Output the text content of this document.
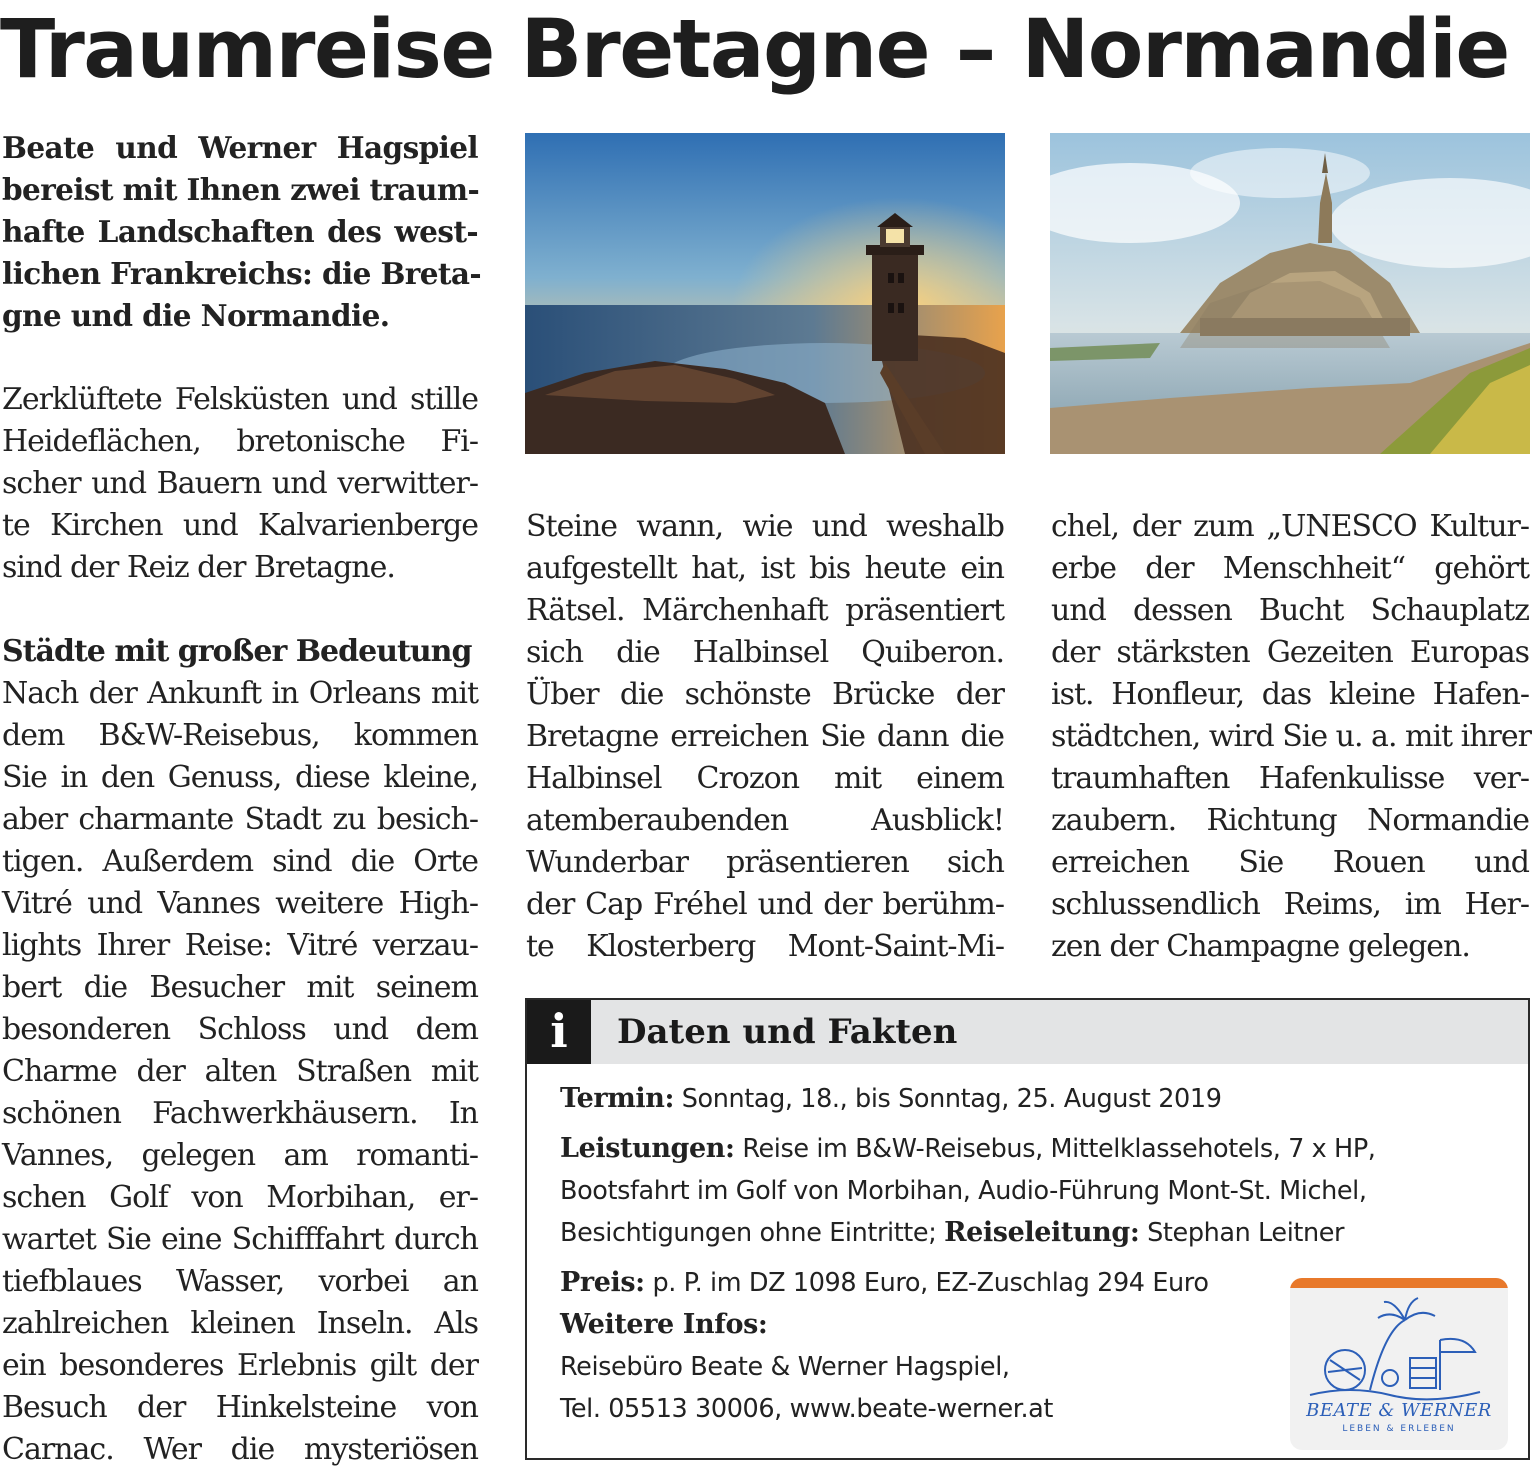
Traumreise Bretagne – Normandie
Beate und Werner Hagspiel
bereist mit Ihnen zwei traum-
hafte Landschaften des west-
lichen Frankreichs: die Breta-
gne und die Normandie.
Zerklüftete Felsküsten und stille
Heideflächen, bretonische Fi-
scher und Bauern und verwitter-
te Kirchen und Kalvarienberge
sind der Reiz der Bretagne.
Städte mit großer Bedeutung
Nach der Ankunft in Orleans mit
dem B&W-Reisebus, kommen
Sie in den Genuss, diese kleine,
aber charmante Stadt zu besich-
tigen. Außerdem sind die Orte
Vitré und Vannes weitere High-
lights Ihrer Reise: Vitré verzau-
bert die Besucher mit seinem
besonderen Schloss und dem
Charme der alten Straßen mit
schönen Fachwerkhäusern. In
Vannes, gelegen am romanti-
schen Golf von Morbihan, er-
wartet Sie eine Schifffahrt durch
tiefblaues Wasser, vorbei an
zahlreichen kleinen Inseln. Als
ein besonderes Erlebnis gilt der
Besuch der Hinkelsteine von
Carnac. Wer die mysteriösen
Steine wann, wie und weshalb
aufgestellt hat, ist bis heute ein
Rätsel. Märchenhaft präsentiert
sich die Halbinsel Quiberon.
Über die schönste Brücke der
Bretagne erreichen Sie dann die
Halbinsel Crozon mit einem
atemberaubenden Ausblick!
Wunderbar präsentieren sich
der Cap Fréhel und der berühm-
te Klosterberg Mont-Saint-Mi-
chel, der zum „UNESCO Kultur-
erbe der Menschheit“ gehört
und dessen Bucht Schauplatz
der stärksten Gezeiten Europas
ist. Honfleur, das kleine Hafen-
städtchen, wird Sie u. a. mit ihrer
traumhaften Hafenkulisse ver-
zaubern. Richtung Normandie
erreichen Sie Rouen und
schlussendlich Reims, im Her-
zen der Champagne gelegen.
i	Daten und Fakten
Termin: Sonntag, 18., bis Sonntag, 25. August 2019
Leistungen: Reise im B&W-Reisebus, Mittelklassehotels, 7 x HP,
Bootsfahrt im Golf von Morbihan, Audio-Führung Mont-St. Michel,
Besichtigungen ohne Eintritte; Reiseleitung: Stephan Leitner
Preis: p. P. im DZ 1098 Euro, EZ-Zuschlag 294 Euro
Weitere Infos:
Reisebüro Beate & Werner Hagspiel,
Tel. 05513 30006, www.beate-werner.at	BEATE & WERNER
LEBEN & ERLEBEN
